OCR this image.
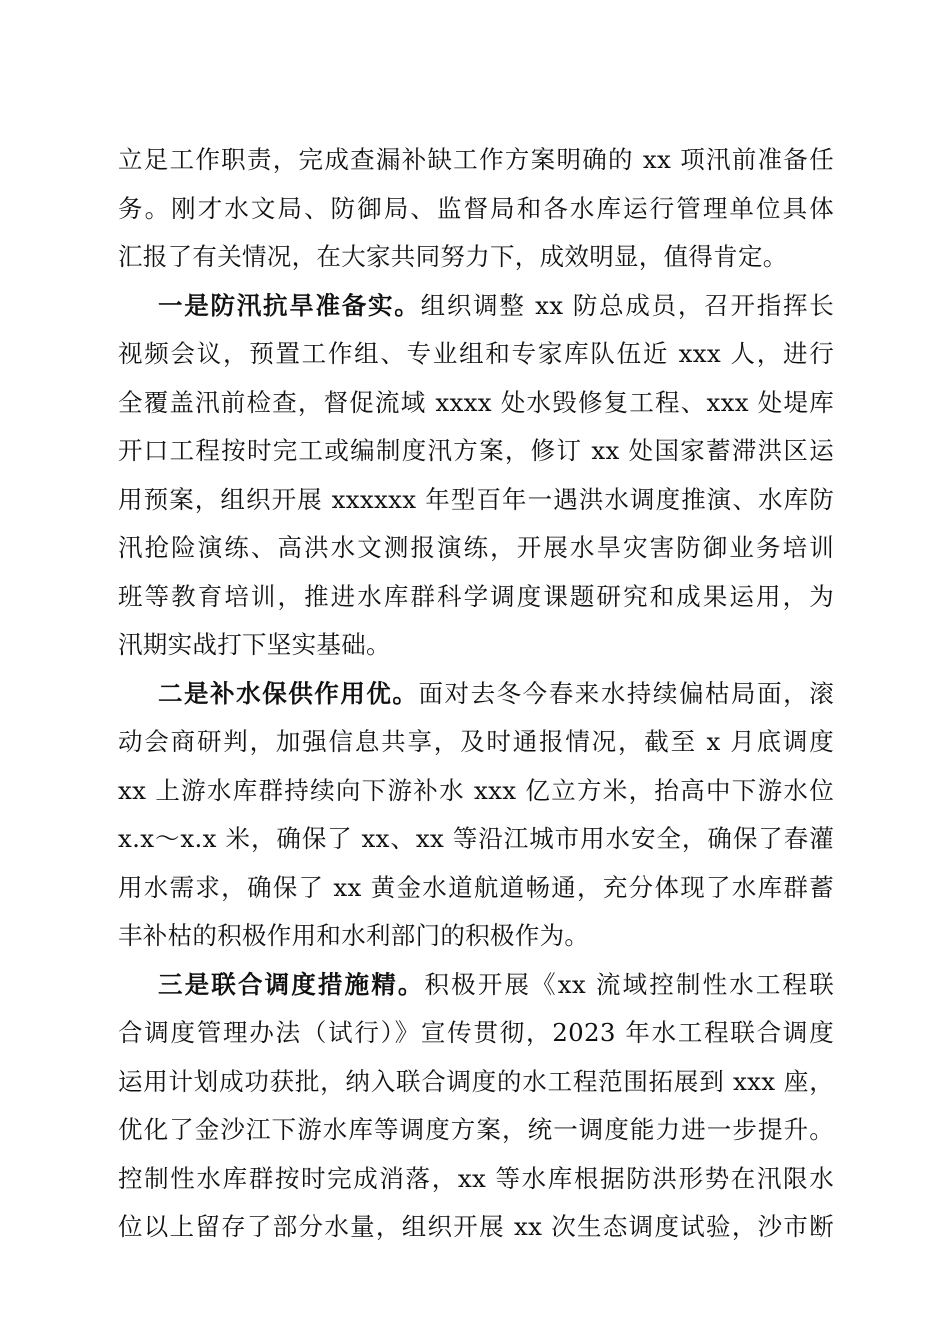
立足工作职责，完成查漏补缺工作方案明确的 xx 项汛前准备任
务。刚才水文局、防御局、监督局和各水库运行管理单位具体
汇报了有关情况，在大家共同努力下，成效明显，值得肯定。
一是防汛抗旱准备实。组织调整 xx 防总成员，召开指挥长
视频会议，预置工作组、专业组和专家库队伍近 xxx 人，进行
全覆盖汛前检查，督促流域 xxxx 处水毁修复工程、xxx 处堤库
开口工程按时完工或编制度汛方案，修订 xx 处国家蓄滞洪区运
用预案，组织开展 xxxxxx 年型百年一遇洪水调度推演、水库防
汛抢险演练、高洪水文测报演练，开展水旱灾害防御业务培训
班等教育培训，推进水库群科学调度课题研究和成果运用，为
汛期实战打下坚实基础。
二是补水保供作用优。面对去冬今春来水持续偏枯局面，滚
动会商研判，加强信息共享，及时通报情况，截至 x 月底调度
xx 上游水库群持续向下游补水 xxx 亿立方米，抬高中下游水位
x.x～x.x 米，确保了 xx、xx 等沿江城市用水安全，确保了春灌
用水需求，确保了 xx 黄金水道航道畅通，充分体现了水库群蓄
丰补枯的积极作用和水利部门的积极作为。
三是联合调度措施精。积极开展《xx 流域控制性水工程联
合调度管理办法（试行）》宣传贯彻，2023 年水工程联合调度
运用计划成功获批，纳入联合调度的水工程范围拓展到 xxx 座，
优化了金沙江下游水库等调度方案，统一调度能力进一步提升。
控制性水库群按时完成消落，xx 等水库根据防洪形势在汛限水
位以上留存了部分水量，组织开展 xx 次生态调度试验，沙市断
